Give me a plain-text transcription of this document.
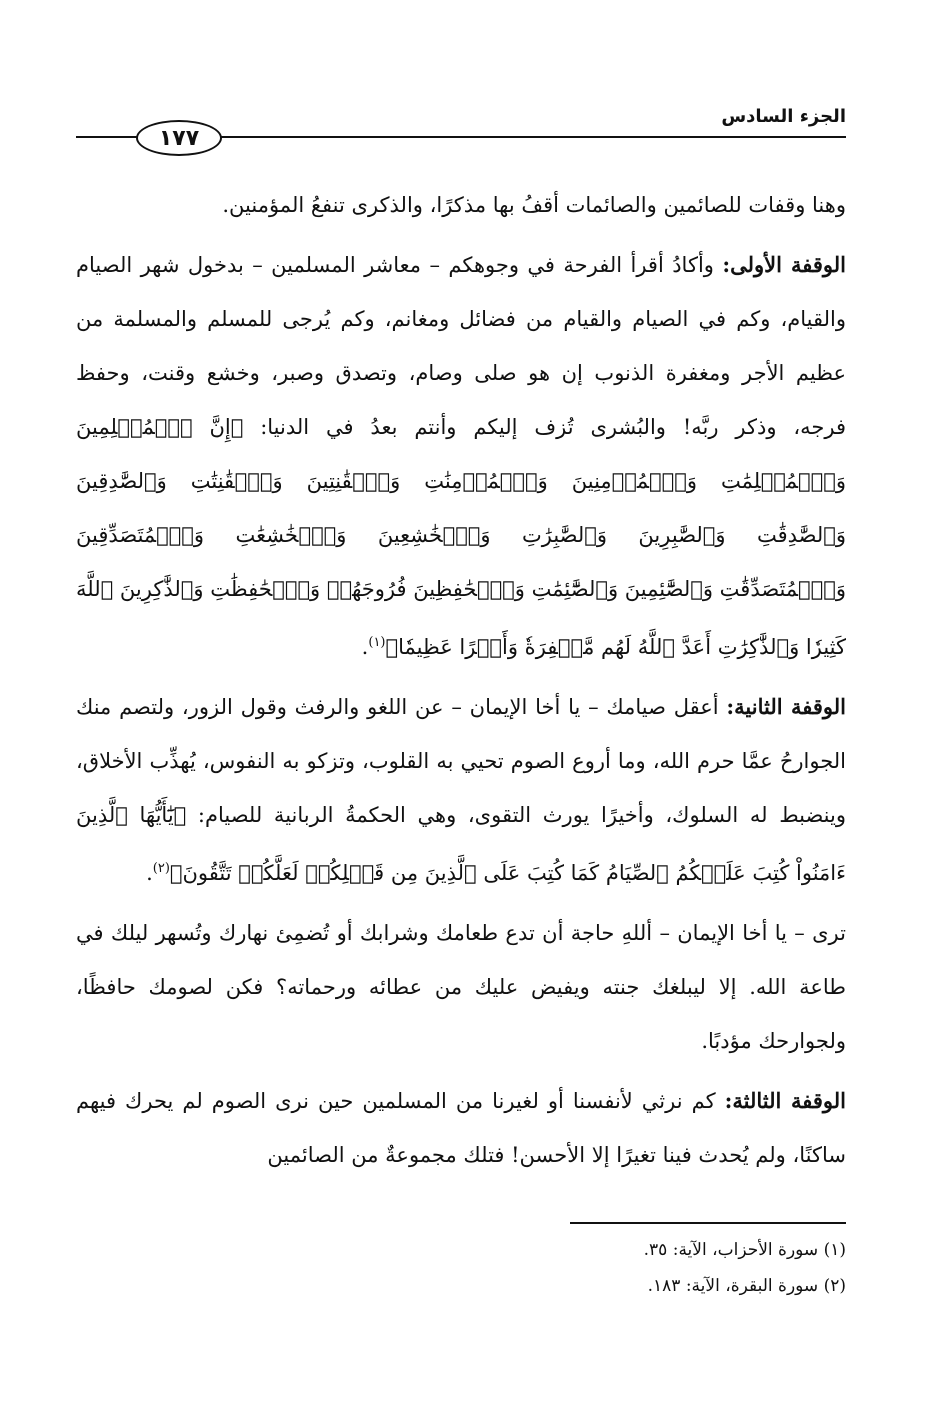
الجزء السادس
١٧٧

وهنا وقفات للصائمين والصائمات أقفُ بها مذكرًا، والذكرى تنفعُ المؤمنين.

الوقفة الأولى: وأكادُ أقرأ الفرحة في وجوهكم – معاشر المسلمين – بدخول شهر الصيام والقيام، وكم في الصيام والقيام من فضائل ومغانم، وكم يُرجى للمسلم والمسلمة من عظيم الأجر ومغفرة الذنوب إن هو صلى وصام، وتصدق وصبر، وخشع وقنت، وحفظ فرجه، وذكر ربَّه! والبُشرى تُزف إليكم وأنتم بعدُ في الدنيا: ﴿إِنَّ ٱلۡمُسۡلِمِينَ وَٱلۡمُسۡلِمَٰتِ وَٱلۡمُؤۡمِنِينَ وَٱلۡمُؤۡمِنَٰتِ وَٱلۡقَٰنِتِينَ وَٱلۡقَٰنِتَٰتِ وَٱلصَّٰدِقِينَ وَٱلصَّٰدِقَٰتِ وَٱلصَّٰبِرِينَ وَٱلصَّٰبِرَٰتِ وَٱلۡخَٰشِعِينَ وَٱلۡخَٰشِعَٰتِ وَٱلۡمُتَصَدِّقِينَ وَٱلۡمُتَصَدِّقَٰتِ وَٱلصَّٰٓئِمِينَ وَٱلصَّٰٓئِمَٰتِ وَٱلۡحَٰفِظِينَ فُرُوجَهُمۡ وَٱلۡحَٰفِظَٰتِ وَٱلذَّٰكِرِينَ ٱللَّهَ كَثِيرٗا وَٱلذَّٰكِرَٰتِ أَعَدَّ ٱللَّهُ لَهُم مَّغۡفِرَةٗ وَأَجۡرًا عَظِيمٗا﴾$^{(١)}$.

الوقفة الثانية: أعقل صيامك – يا أخا الإيمان – عن اللغو والرفث وقول الزور، ولتصم منك الجوارحُ عمَّا حرم الله، وما أروع الصوم تحيي به القلوب، وتزكو به النفوس، يُهذِّب الأخلاق، وينضبط له السلوك، وأخيرًا يورث التقوى، وهي الحكمةُ الربانية للصيام: ﴿يَٰٓأَيُّهَا ٱلَّذِينَ ءَامَنُواْ كُتِبَ عَلَيۡكُمُ ٱلصِّيَامُ كَمَا كُتِبَ عَلَى ٱلَّذِينَ مِن قَبۡلِكُمۡ لَعَلَّكُمۡ تَتَّقُونَ﴾$^{(٢)}$.

ترى – يا أخا الإيمان – أللهِ حاجة أن تدع طعامك وشرابك أو تُضمِئ نهارك وتُسهر ليلك في طاعة الله. إلا ليبلغك جنته ويفيض عليك من عطائه ورحماته؟ فكن لصومك حافظًا، ولجوارحك مؤدبًا.

الوقفة الثالثة: كم نرثي لأنفسنا أو لغيرنا من المسلمين حين نرى الصوم لم يحرك فيهم ساكنًا، ولم يُحدث فينا تغيرًا إلا الأحسن! فتلك مجموعةٌ من الصائمين

(١) سورة الأحزاب، الآية: ٣٥.

(٢) سورة البقرة، الآية: ١٨٣.
